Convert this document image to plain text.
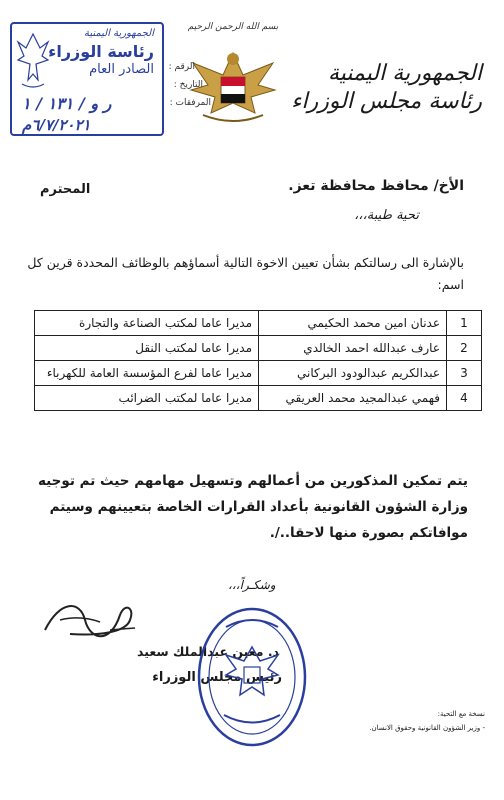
الجمهورية اليمنية
رئاسة مجلس الوزراء
بسم الله الرحمن الرحيم
الجمهورية اليمنية
رئاسة الوزراء
الصادر العام
ر و / ١٣١ / ١
٦/٧/٢٠٢١م
الرقم :
التاريخ :
المرفقات :
الأخ/ محافظ محافظة تعز.
المحترم
تحية طيبة،،،
بالإشارة الى رسالتكم بشأن تعيين الاخوة التالية أسماؤهم بالوظائف المحددة قرين كل اسم:
1	عدنان امين محمد الحكيمي	مديرا عاما لمكتب الصناعة والتجارة
2	عارف عبدالله احمد الخالدي	مديرا عاما لمكتب النقل
3	عبدالكريم عبدالودود البركاني	مديرا عاما لفرع المؤسسة العامة للكهرباء
4	فهمي عبدالمجيد محمد العريقي	مديرا عاما لمكتب الضرائب
يتم تمكين المذكورين من أعمالهم وتسهيل مهامهم حيث تم توجيه وزارة الشؤون القانونية بأعداد القرارات الخاصة بتعيينهم وسيتم موافاتكم بصورة منها لاحقا../.
وشكـراً،،،
د. معين عبدالملك سعيد
رئيس مجلس الوزراء
نسخة مع التحية:
- وزير الشؤون القانونية وحقوق الانسان.
